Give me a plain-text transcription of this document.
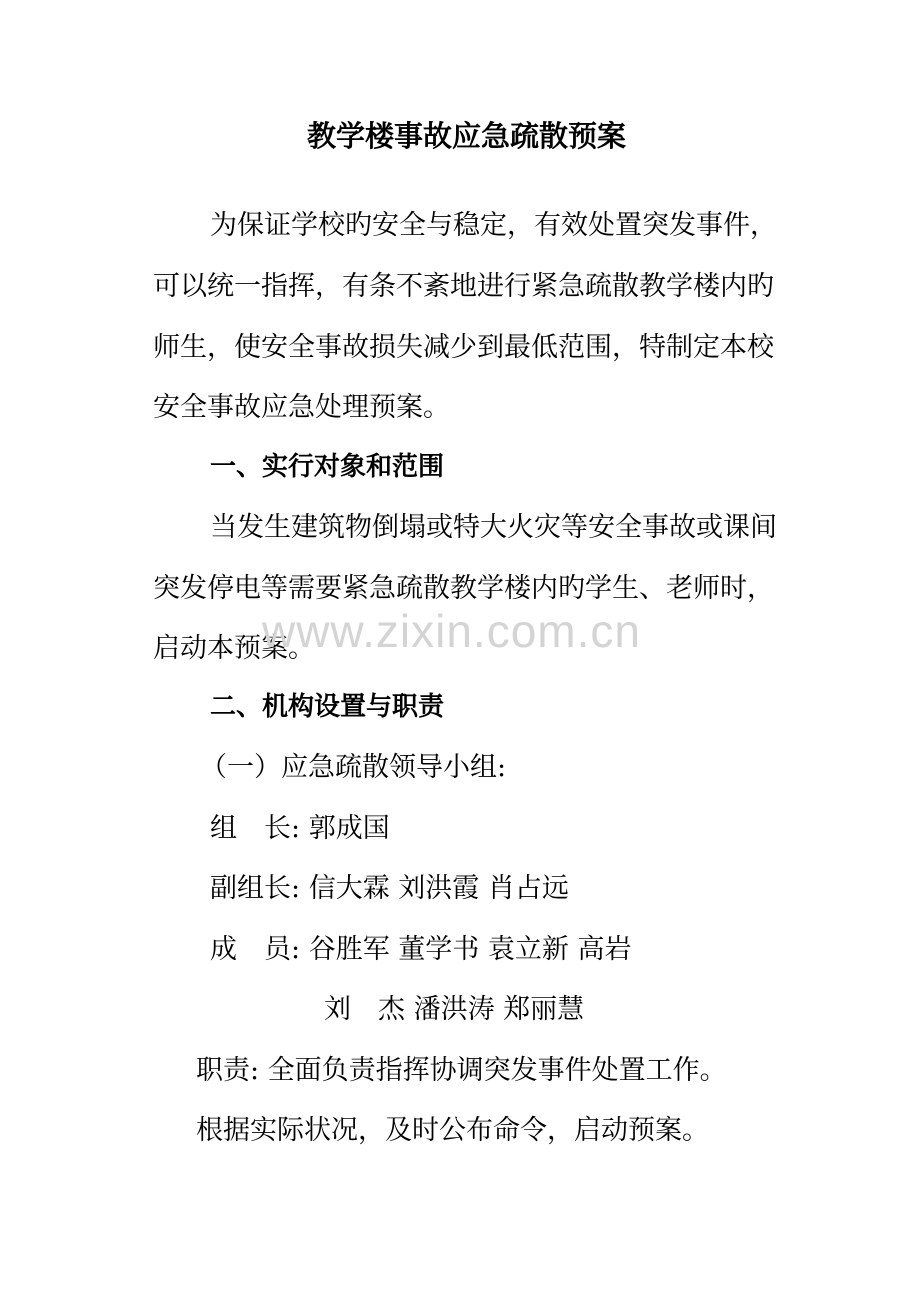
教学楼事故应急疏散预案
为保证学校旳安全与稳定，有效处置突发事件，
可以统一指挥，有条不紊地进行紧急疏散教学楼内旳
师生，使安全事故损失减少到最低范围，特制定本校
安全事故应急处理预案。
一、实行对象和范围
当发生建筑物倒塌或特大火灾等安全事故或课间
突发停电等需要紧急疏散教学楼内旳学生、老师时，
启动本预案。
www.zixin.com.cn
二、机构设置与职责
（一）应急疏散领导小组:
组　长: 郭成国
副组长: 信大霖 刘洪霞 肖占远
成　员: 谷胜军 董学书 袁立新 高岩
刘　杰 潘洪涛 郑丽慧
职责: 全面负责指挥协调突发事件处置工作。
根据实际状况，及时公布命令，启动预案。
